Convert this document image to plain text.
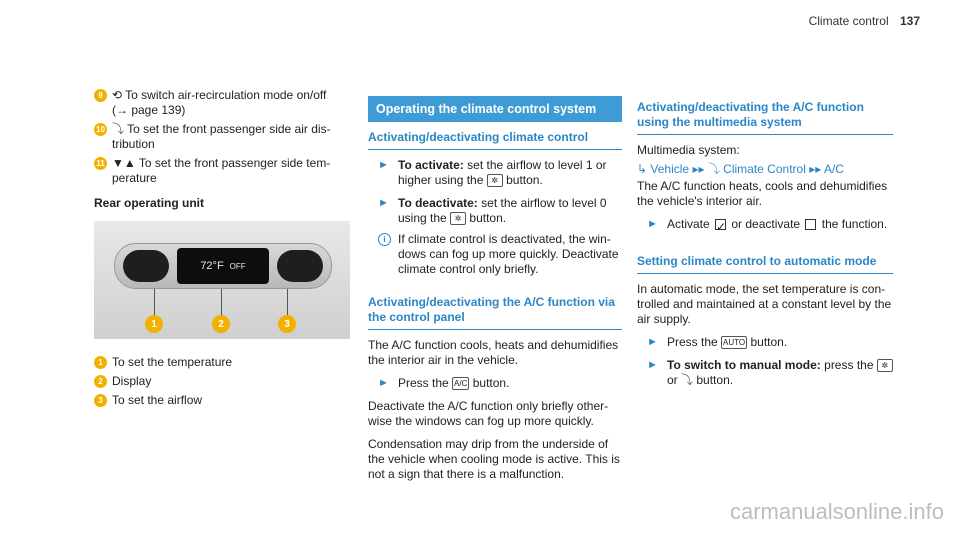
Climate control 137
9 ⟲ To switch air-recirculation mode on/off
(→ page 139)
10 ⤵ To set the front passenger side air dis-tribution
11 ▼▲ To set the front passenger side tem-perature
Rear operating unit
72°F OFF
1	2	3
1 To set the temperature
2 Display
3 To set the airflow
Operating the climate control system
Activating/deactivating climate control
► To activate: set the airflow to level 1 or higher using the ✲ button.
► To deactivate: set the airflow to level 0 using the ✲ button.
i	If climate control is deactivated, the win-dows can fog up more quickly. Deactivate climate control only briefly.
Activating/deactivating the A/C function via the control panel
The A/C function cools, heats and dehumidifies the interior air in the vehicle.
► Press the A/C button.
Deactivate the A/C function only briefly other-wise the windows can fog up more quickly.
Condensation may drip from the underside of the vehicle when cooling mode is active. This is not a sign that there is a malfunction.
Activating/deactivating the A/C function using the multimedia system
Multimedia system:
↳ Vehicle ▸▸ ⤵ Climate Control ▸▸ A/C
The A/C function heats, cools and dehumidifies the vehicle's interior air.
► Activate ✓ or deactivate the function.
Setting climate control to automatic mode
In automatic mode, the set temperature is con-trolled and maintained at a constant level by the air supply.
► Press the AUTO button.
► To switch to manual mode: press the ✲
or ⤵ button.
carmanualsonline.info
